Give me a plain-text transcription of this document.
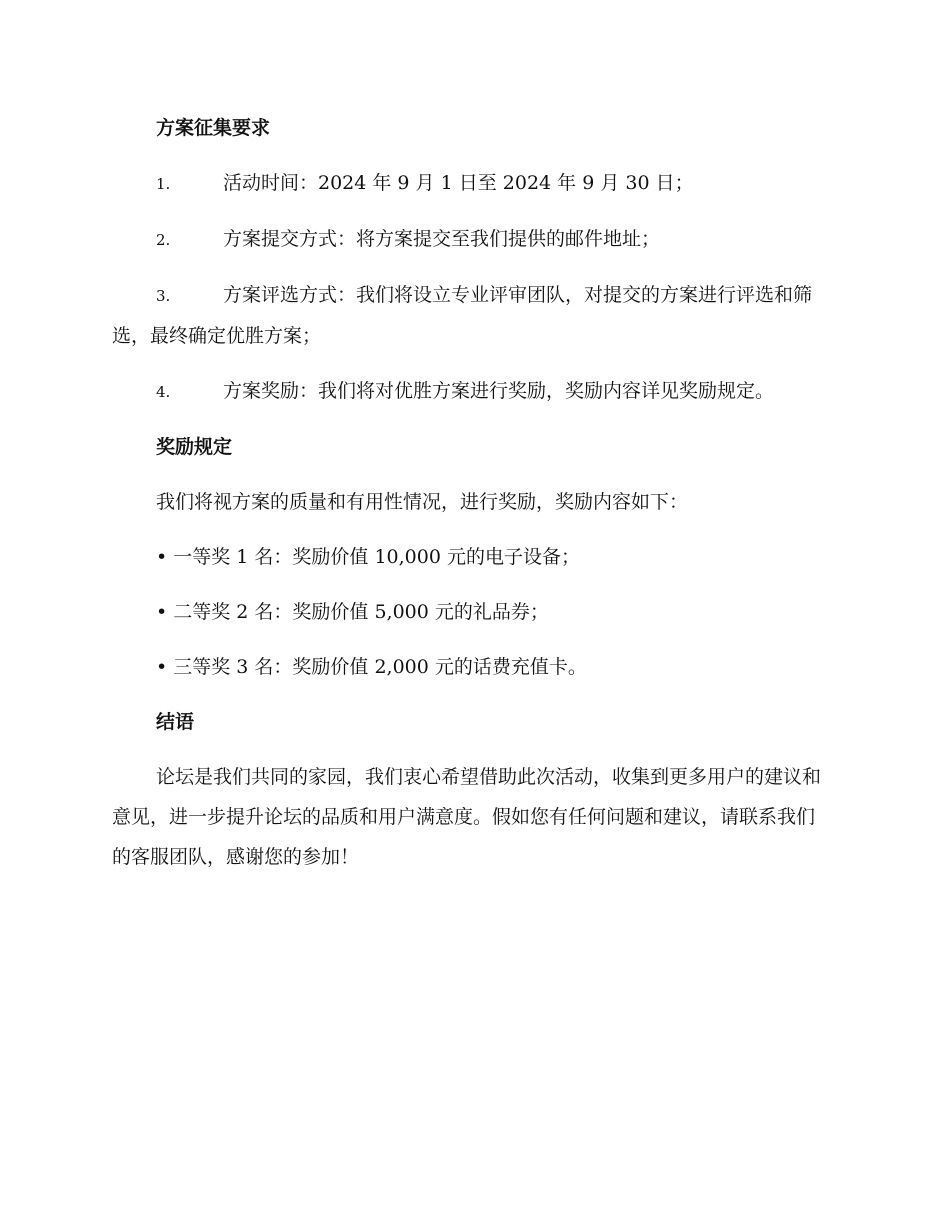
方案征集要求
1.	活动时间：2024 年 9 月 1 日至 2024 年 9 月 30 日；
2.	方案提交方式：将方案提交至我们提供的邮件地址；
3.	方案评选方式：我们将设立专业评审团队，对提交的方案进行评选和筛选，最终确定优胜方案；
4.	方案奖励：我们将对优胜方案进行奖励，奖励内容详见奖励规定。
奖励规定
我们将视方案的质量和有用性情况，进行奖励，奖励内容如下：
• 一等奖 1 名：奖励价值 10,000 元的电子设备；
• 二等奖 2 名：奖励价值 5,000 元的礼品券；
• 三等奖 3 名：奖励价值 2,000 元的话费充值卡。
结语
论坛是我们共同的家园，我们衷心希望借助此次活动，收集到更多用户的建议和意见，进一步提升论坛的品质和用户满意度。假如您有任何问题和建议，请联系我们的客服团队，感谢您的参加！
